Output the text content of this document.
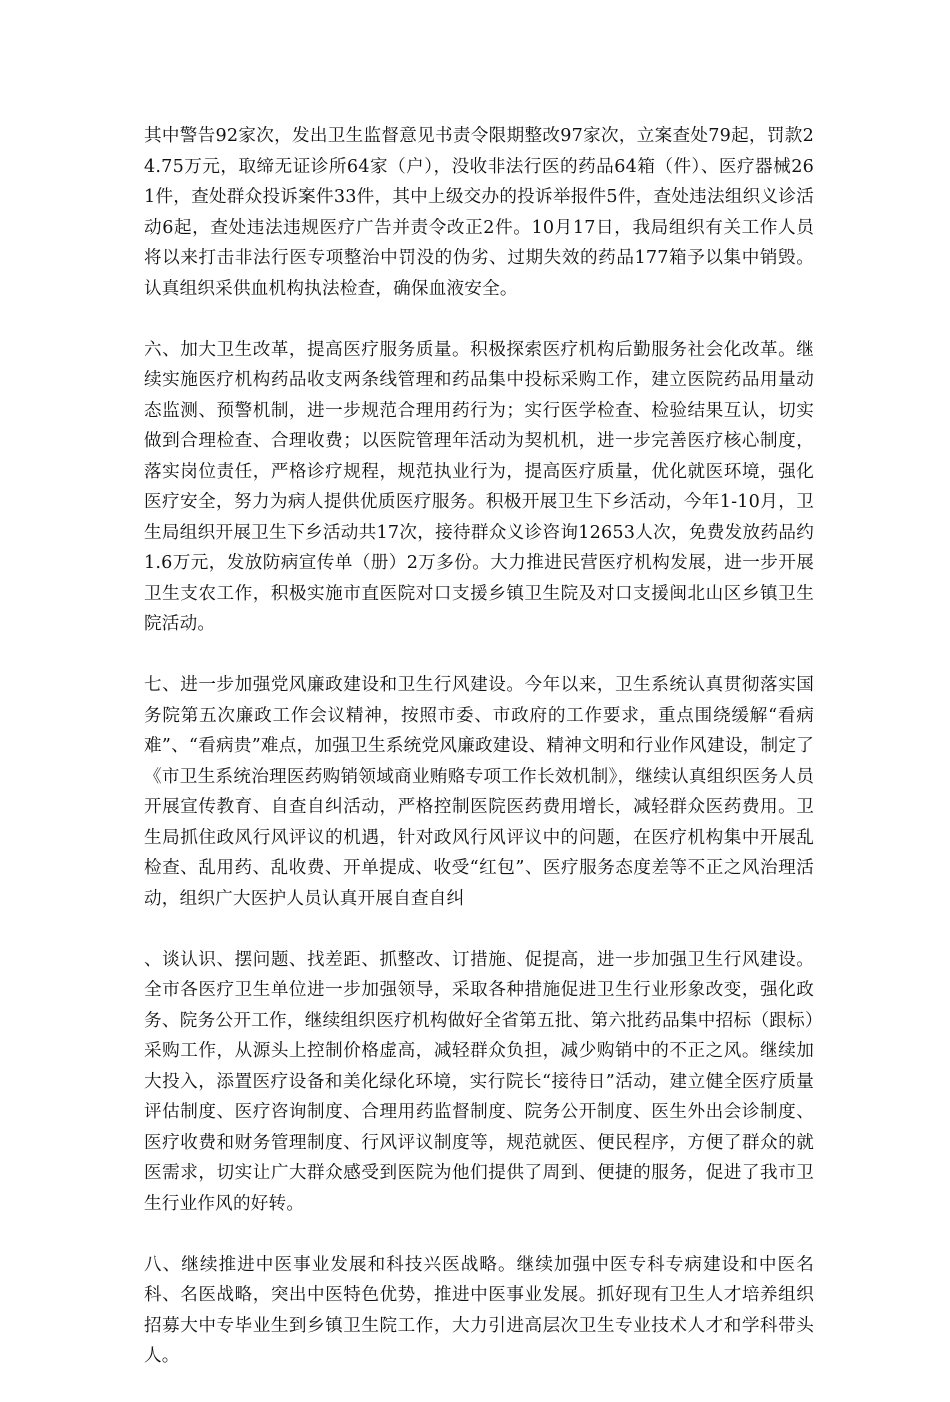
其中警告92家次，发出卫生监督意见书责令限期整改97家次，立案查处79起，罚款24.75万元，取缔无证诊所64家（户），没收非法行医的药品64箱（件）、医疗器械261件，查处群众投诉案件33件，其中上级交办的投诉举报件5件，查处违法组织义诊活动6起，查处违法违规医疗广告并责令改正2件。10月17日，我局组织有关工作人员将以来打击非法行医专项整治中罚没的伪劣、过期失效的药品177箱予以集中销毁。认真组织采供血机构执法检查，确保血液安全。

六、加大卫生改革，提高医疗服务质量。积极探索医疗机构后勤服务社会化改革。继续实施医疗机构药品收支两条线管理和药品集中投标采购工作，建立医院药品用量动态监测、预警机制，进一步规范合理用药行为；实行医学检查、检验结果互认，切实做到合理检查、合理收费；以医院管理年活动为契机机，进一步完善医疗核心制度，落实岗位责任，严格诊疗规程，规范执业行为，提高医疗质量，优化就医环境，强化医疗安全，努力为病人提供优质医疗服务。积极开展卫生下乡活动，今年1-10月，卫生局组织开展卫生下乡活动共17次，接待群众义诊咨询12653人次，免费发放药品约1.6万元，发放防病宣传单（册）2万多份。大力推进民营医疗机构发展，进一步开展卫生支农工作，积极实施市直医院对口支援乡镇卫生院及对口支援闽北山区乡镇卫生院活动。

七、进一步加强党风廉政建设和卫生行风建设。今年以来，卫生系统认真贯彻落实国务院第五次廉政工作会议精神，按照市委、市政府的工作要求，重点围绕缓解“看病难”、“看病贵”难点，加强卫生系统党风廉政建设、精神文明和行业作风建设，制定了《市卫生系统治理医药购销领域商业贿赂专项工作长效机制》，继续认真组织医务人员开展宣传教育、自查自纠活动，严格控制医院医药费用增长，减轻群众医药费用。卫生局抓住政风行风评议的机遇，针对政风行风评议中的问题，在医疗机构集中开展乱检查、乱用药、乱收费、开单提成、收受“红包”、医疗服务态度差等不正之风治理活动，组织广大医护人员认真开展自查自纠

、谈认识、摆问题、找差距、抓整改、订措施、促提高，进一步加强卫生行风建设。全市各医疗卫生单位进一步加强领导，采取各种措施促进卫生行业形象改变，强化政务、院务公开工作，继续组织医疗机构做好全省第五批、第六批药品集中招标（跟标）采购工作，从源头上控制价格虚高，减轻群众负担，减少购销中的不正之风。继续加大投入，添置医疗设备和美化绿化环境，实行院长“接待日”活动，建立健全医疗质量评估制度、医疗咨询制度、合理用药监督制度、院务公开制度、医生外出会诊制度、医疗收费和财务管理制度、行风评议制度等，规范就医、便民程序，方便了群众的就医需求，切实让广大群众感受到医院为他们提供了周到、便捷的服务，促进了我市卫生行业作风的好转。

八、继续推进中医事业发展和科技兴医战略。继续加强中医专科专病建设和中医名科、名医战略，突出中医特色优势，推进中医事业发展。抓好现有卫生人才培养组织招募大中专毕业生到乡镇卫生院工作，大力引进高层次卫生专业技术人才和学科带头人。
